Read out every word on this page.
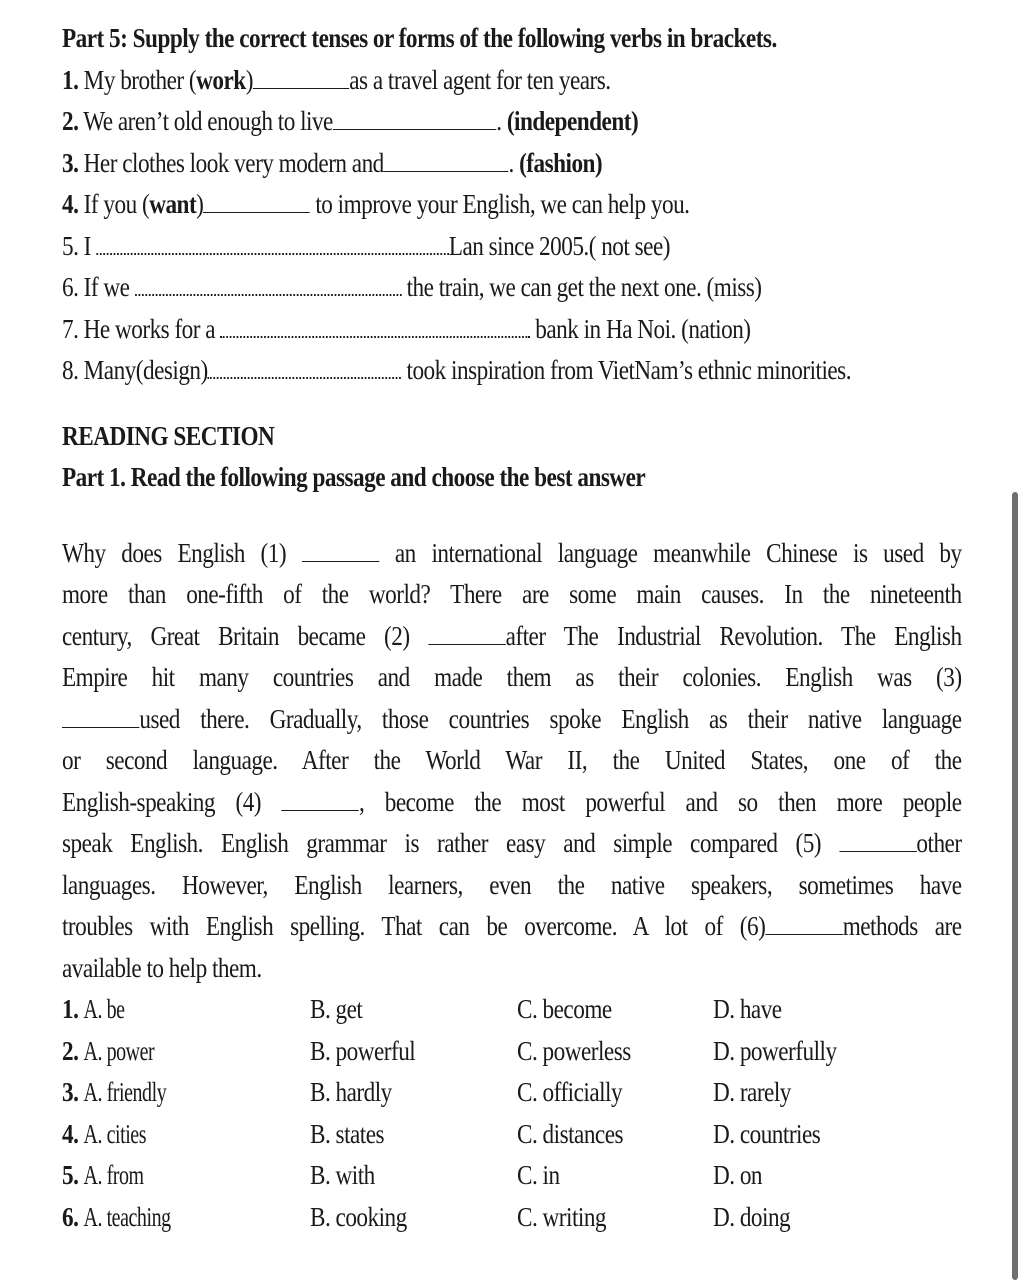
Part 5: Supply the correct tenses or forms of the following verbs in brackets.
1. My brother (work)	as a travel agent for ten years.
2. We aren’t old enough to live	. (independent)
3. Her clothes look very modern and	. (fashion)
4. If you (want)	to improve your English, we can help you.
5. I	Lan since 2005.( not see)
6. If we	the train, we can get the next one. (miss)
7. He works for a	bank in Ha Noi. (nation)
8. Many(design)	took inspiration from VietNam’s ethnic minorities.
READING SECTION
Part 1. Read the following passage and choose the best answer
Why does English (1)	an international language meanwhile Chinese is used by
more than one-fifth of the world? There are some main causes. In the nineteenth
century, Great Britain became (2)	after The Industrial Revolution. The English
Empire hit many countries and made them as their colonies. English was (3)
used there. Gradually, those countries spoke English as their native language
or second language. After the World War II, the United States, one of the
English-speaking (4)	, become the most powerful and so then more people
speak English. English grammar is rather easy and simple compared (5)	other
languages. However, English learners, even the native speakers, sometimes have
troubles with English spelling. That can be overcome. A lot of (6)	methods are
available to help them.
1. A. be	B. get	C. become	D. have
2. A. power	B. powerful	C. powerless	D. powerfully
3. A. friendly	B. hardly	C. officially	D. rarely
4. A. cities	B. states	C. distances	D. countries
5. A. from	B. with	C. in	D. on
6. A. teaching	B. cooking	C. writing	D. doing
